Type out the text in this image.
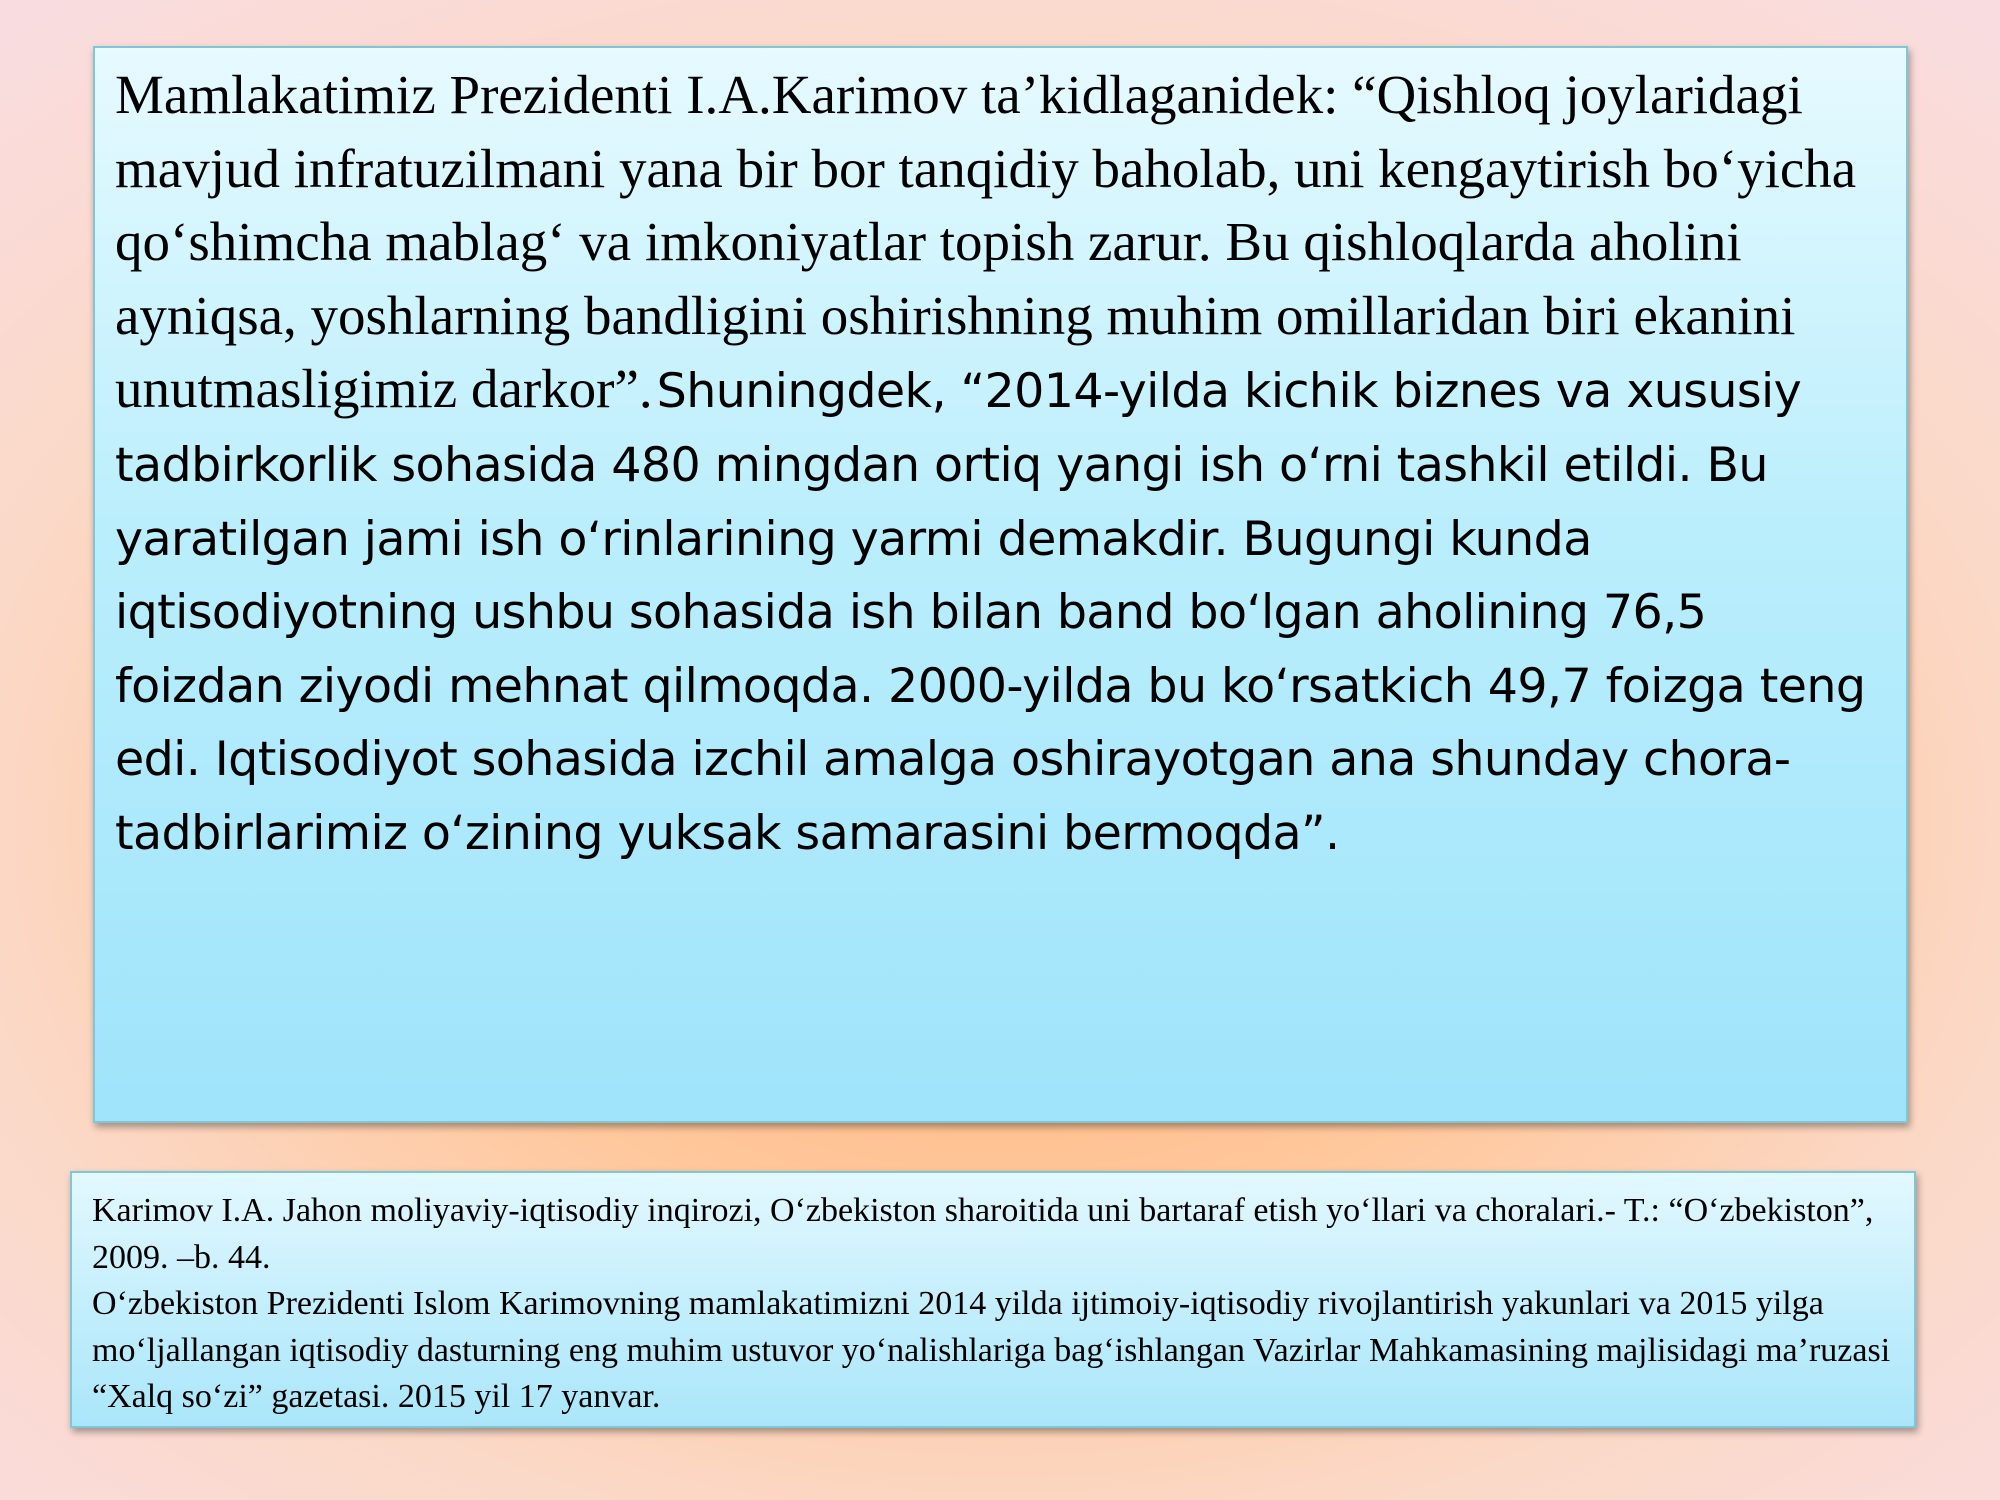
Mamlakatimiz Prezidenti I.A.Karimov ta’kidlaganidek: “Qishloq joylaridagi mavjud infratuzilmani yana bir bor tanqidiy baholab, uni kengaytirish bo‘yicha qo‘shimcha mablag‘ va imkoniyatlar topish zarur. Bu qishloqlarda aholini ayniqsa, yoshlarning bandligini oshirishning muhim omillaridan biri ekanini unutmasligimiz darkor”. Shuningdek, “2014-yilda kichik biznes va xususiy tadbirkorlik sohasida 480 mingdan ortiq yangi ish o‘rni tashkil etildi. Bu yaratilgan jami ish o‘rinlarining yarmi demakdir. Bugungi kunda iqtisodiyotning ushbu sohasida ish bilan band bo‘lgan aholining 76,5 foizdan ziyodi mehnat qilmoqda. 2000-yilda bu ko‘rsatkich 49,7 foizga teng edi. Iqtisodiyot sohasida izchil amalga oshirayotgan ana shunday chora-tadbirlarimiz o‘zining yuksak samarasini bermoqda”.

Karimov I.A. Jahon moliyaviy-iqtisodiy inqirozi, O‘zbekiston sharoitida uni bartaraf etish yo‘llari va choralari.- T.: “O‘zbekiston”, 2009. –b. 44.

O‘zbekiston Prezidenti Islom Karimovning mamlakatimizni 2014 yilda ijtimoiy-iqtisodiy rivojlantirish yakunlari va 2015 yilga mo‘ljallangan iqtisodiy dasturning eng muhim ustuvor yo‘nalishlariga bag‘ishlangan Vazirlar Mahkamasining majlisidagi ma’ruzasi “Xalq so‘zi” gazetasi. 2015 yil 17 yanvar.
